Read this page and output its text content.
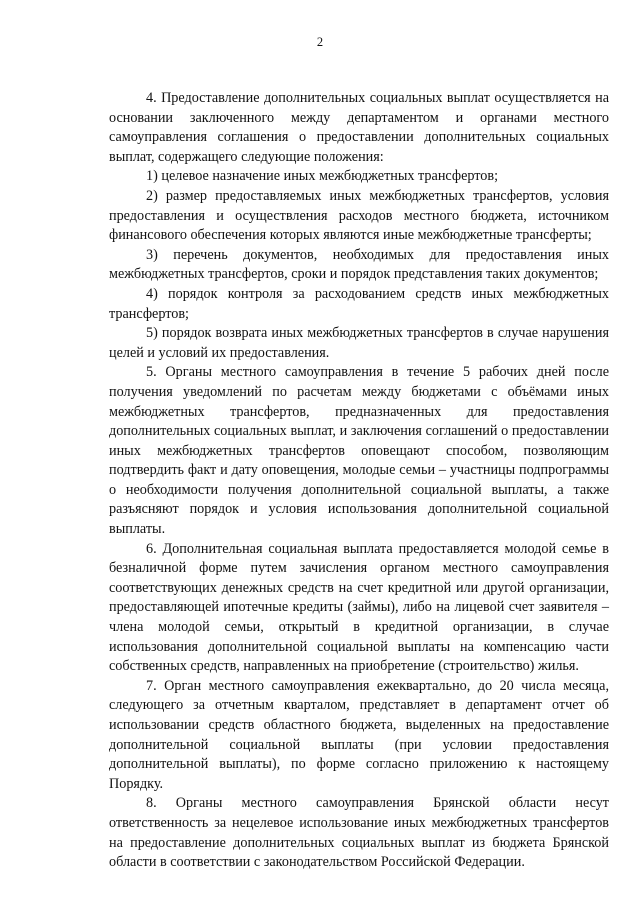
2

4. Предоставление дополнительных социальных выплат осуществляется на основании заключенного между департаментом и органами местного самоуправления соглашения о предоставлении дополнительных социальных выплат, содержащего следующие положения:

1) целевое назначение иных межбюджетных трансфертов;

2) размер предоставляемых иных межбюджетных трансфертов, условия предоставления и осуществления расходов местного бюджета, источником финансового обеспечения которых являются иные межбюджетные трансферты;

3) перечень документов, необходимых для предоставления иных межбюджетных трансфертов, сроки и порядок представления таких документов;

4) порядок контроля за расходованием средств иных межбюджетных трансфертов;

5) порядок возврата иных межбюджетных трансфертов в случае нарушения целей и условий их предоставления.

5. Органы местного самоуправления в течение 5 рабочих дней после получения уведомлений по расчетам между бюджетами с объёмами иных межбюджетных трансфертов, предназначенных для предоставления дополнительных социальных выплат, и заключения соглашений о предоставлении иных межбюджетных трансфертов оповещают способом, позволяющим подтвердить факт и дату оповещения, молодые семьи – участницы подпрограммы о необходимости получения дополнительной социальной выплаты, а также разъясняют порядок и условия использования дополнительной социальной выплаты.

6. Дополнительная социальная выплата предоставляется молодой семье в безналичной форме путем зачисления органом местного самоуправления соответствующих денежных средств на счет кредитной или другой организации, предоставляющей ипотечные кредиты (займы), либо на лицевой счет заявителя – члена молодой семьи, открытый в кредитной организации, в случае использования дополнительной социальной выплаты на компенсацию части собственных средств, направленных на приобретение (строительство) жилья.

7. Орган местного самоуправления ежеквартально, до 20 числа месяца, следующего за отчетным кварталом, представляет в департамент отчет об использовании средств областного бюджета, выделенных на предоставление дополнительной социальной выплаты (при условии предоставления дополнительной выплаты), по форме согласно приложению к настоящему Порядку.

8. Органы местного самоуправления Брянской области несут ответственность за нецелевое использование иных межбюджетных трансфертов на предоставление дополнительных социальных выплат из бюджета Брянской области в соответствии с законодательством Российской Федерации.
